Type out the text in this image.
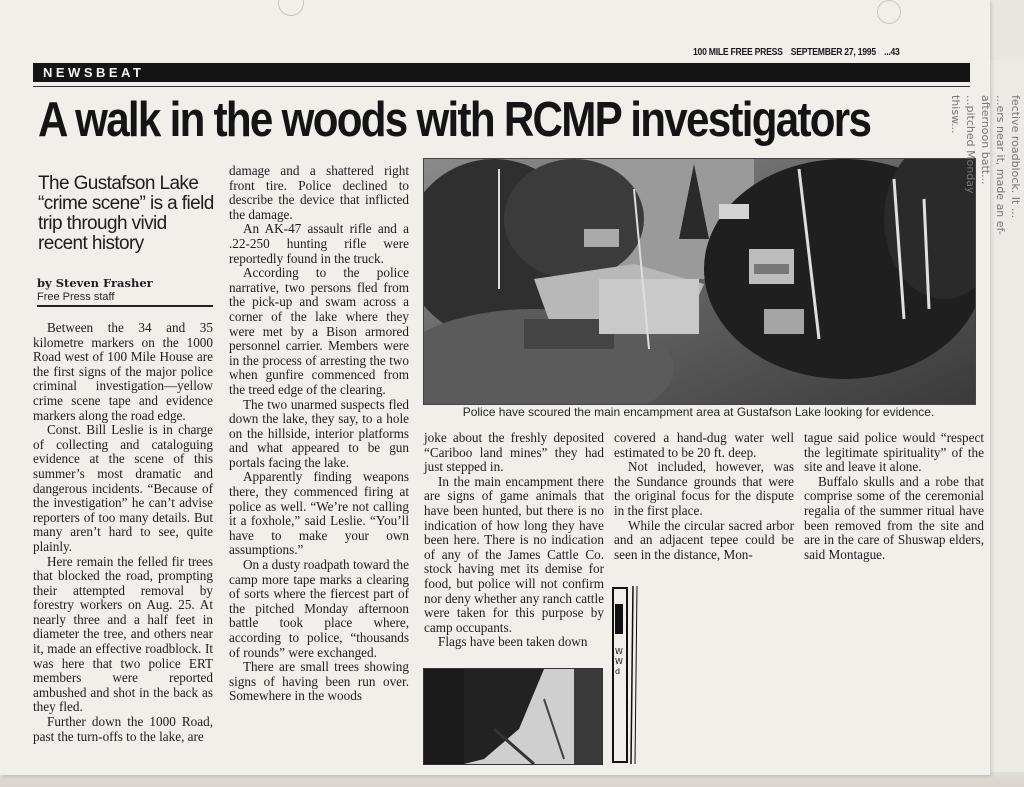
100 MILE FREE PRESS SEPTEMBER 27, 1995 ...43
NEWSBEAT
A walk in the woods with RCMP investigators
The Gustafson Lake “crime scene” is a field trip through vivid recent history
by Steven Frasher
Free Press staff

Between the 34 and 35 kilometre markers on the 1000 Road west of 100 Mile House are the first signs of the major police criminal investigation—yellow crime scene tape and evidence markers along the road edge.

Const. Bill Leslie is in charge of collecting and cataloguing evidence at the scene of this summer’s most dramatic and dangerous incidents. “Because of the investigation” he can’t advise reporters of too many details. But many aren’t hard to see, quite plainly.

Here remain the felled fir trees that blocked the road, prompting their attempted removal by forestry workers on Aug. 25. At nearly three and a half feet in diameter the tree, and others near it, made an effective roadblock. It was here that two police ERT members were reported ambushed and shot in the back as they fled.

Further down the 1000 Road, past the turn-offs to the lake, are

damage and a shattered right front tire. Police declined to describe the device that inflicted the damage.

An AK-47 assault rifle and a .22-250 hunting rifle were reportedly found in the truck.

According to the police narrative, two persons fled from the pick-up and swam across a corner of the lake where they were met by a Bison armored personnel carrier. Members were in the process of arresting the two when gunfire commenced from the treed edge of the clearing.

The two unarmed suspects fled down the lake, they say, to a hole on the hillside, interior platforms and what appeared to be gun portals facing the lake.

Apparently finding weapons there, they commenced firing at police as well. “We’re not calling it a foxhole,” said Leslie. “You’ll have to make your own assumptions.”

On a dusty roadpath toward the camp more tape marks a clearing of sorts where the fiercest part of the pitched Monday afternoon battle took place where, according to police, “thousands of rounds” were exchanged.

There are small trees showing signs of having been run over. Somewhere in the woods

Police have scoured the main encampment area at Gustafson Lake looking for evidence.

joke about the freshly deposited “Cariboo land mines” they had just stepped in.

In the main encampment there are signs of game animals that have been hunted, but there is no indication of how long they have been here. There is no indication of any of the James Cattle Co. stock having met its demise for food, but police will not confirm nor deny whether any ranch cattle were taken for this purpose by camp occupants.

Flags have been taken down

covered a hand-dug water well estimated to be 20 ft. deep.

Not included, however, was the Sundance grounds that were the original focus for the dispute in the first place.

While the circular sacred arbor and an adjacent tepee could be seen in the distance, Mon-

tague said police would “respect the legitimate spirituality” of the site and leave it alone.

Buffalo skulls and a robe that comprise some of the ceremonial regalia of the summer ritual have been removed from the site and are in the care of Shuswap elders, said Montague.

W
W
d
fective roadblock. It ...
...ers near it, made an ef-
afternoon batt...
...pitched Monday
thisw...
